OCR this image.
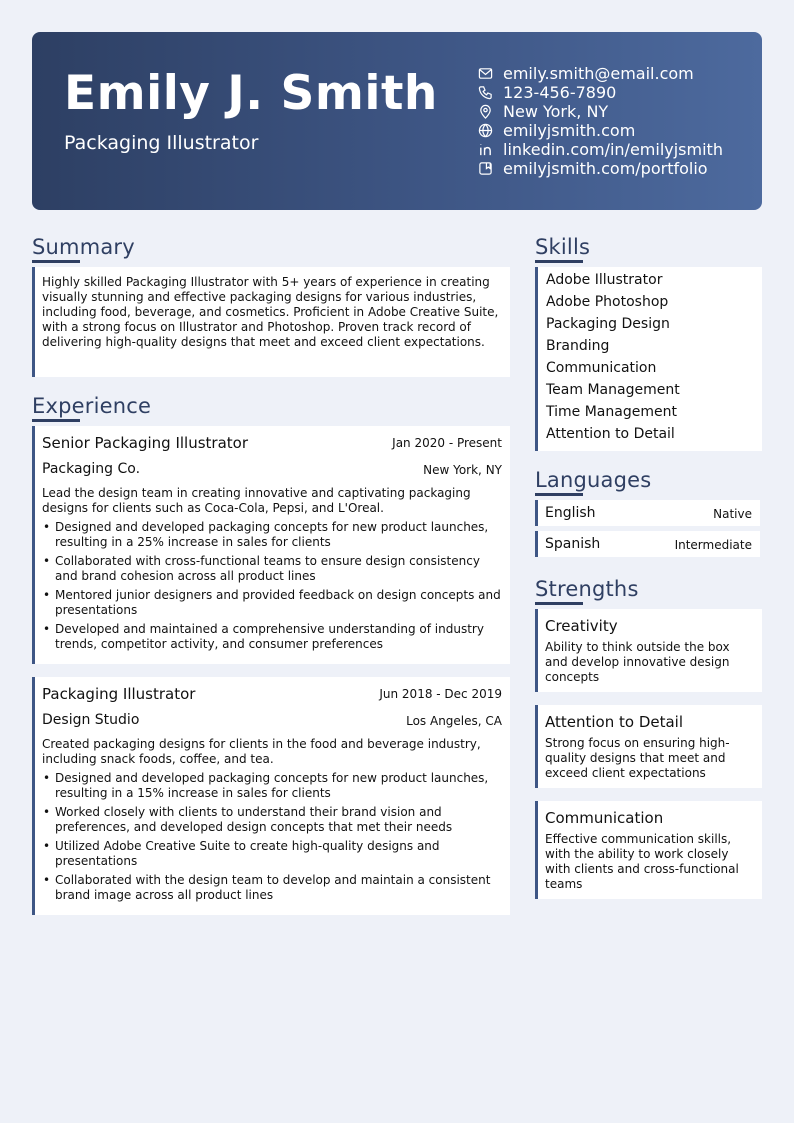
Emily J. Smith
Packaging Illustrator
emily.smith@email.com
123-456-7890
New York, NY
emilyjsmith.com
linkedin.com/in/emilyjsmith
emilyjsmith.com/portfolio
Summary

Highly skilled Packaging Illustrator with 5+ years of experience in creating visually stunning and effective packaging designs for various industries, including food, beverage, and cosmetics. Proficient in Adobe Creative Suite, with a strong focus on Illustrator and Photoshop. Proven track record of delivering high-quality designs that meet and exceed client expectations.

Experience
Senior Packaging Illustrator	Jan 2020 - Present
Packaging Co.	New York, NY
Lead the design team in creating innovative and captivating packaging designs for clients such as Coca-Cola, Pepsi, and L'Oreal.
• Designed and developed packaging concepts for new product launches, resulting in a 25% increase in sales for clients
• Collaborated with cross-functional teams to ensure design consistency and brand cohesion across all product lines
• Mentored junior designers and provided feedback on design concepts and presentations
• Developed and maintained a comprehensive understanding of industry trends, competitor activity, and consumer preferences
Packaging Illustrator	Jun 2018 - Dec 2019
Design Studio	Los Angeles, CA
Created packaging designs for clients in the food and beverage industry, including snack foods, coffee, and tea.
• Designed and developed packaging concepts for new product launches, resulting in a 15% increase in sales for clients
• Worked closely with clients to understand their brand vision and preferences, and developed design concepts that met their needs
• Utilized Adobe Creative Suite to create high-quality designs and presentations
• Collaborated with the design team to develop and maintain a consistent brand image across all product lines
Skills
Adobe Illustrator
Adobe Photoshop
Packaging Design
Branding
Communication
Team Management
Time Management
Attention to Detail
Languages
English	Native
Spanish	Intermediate
Strengths
Creativity
Ability to think outside the box and develop innovative design concepts
Attention to Detail
Strong focus on ensuring high-quality designs that meet and exceed client expectations
Communication
Effective communication skills, with the ability to work closely with clients and cross-functional teams
